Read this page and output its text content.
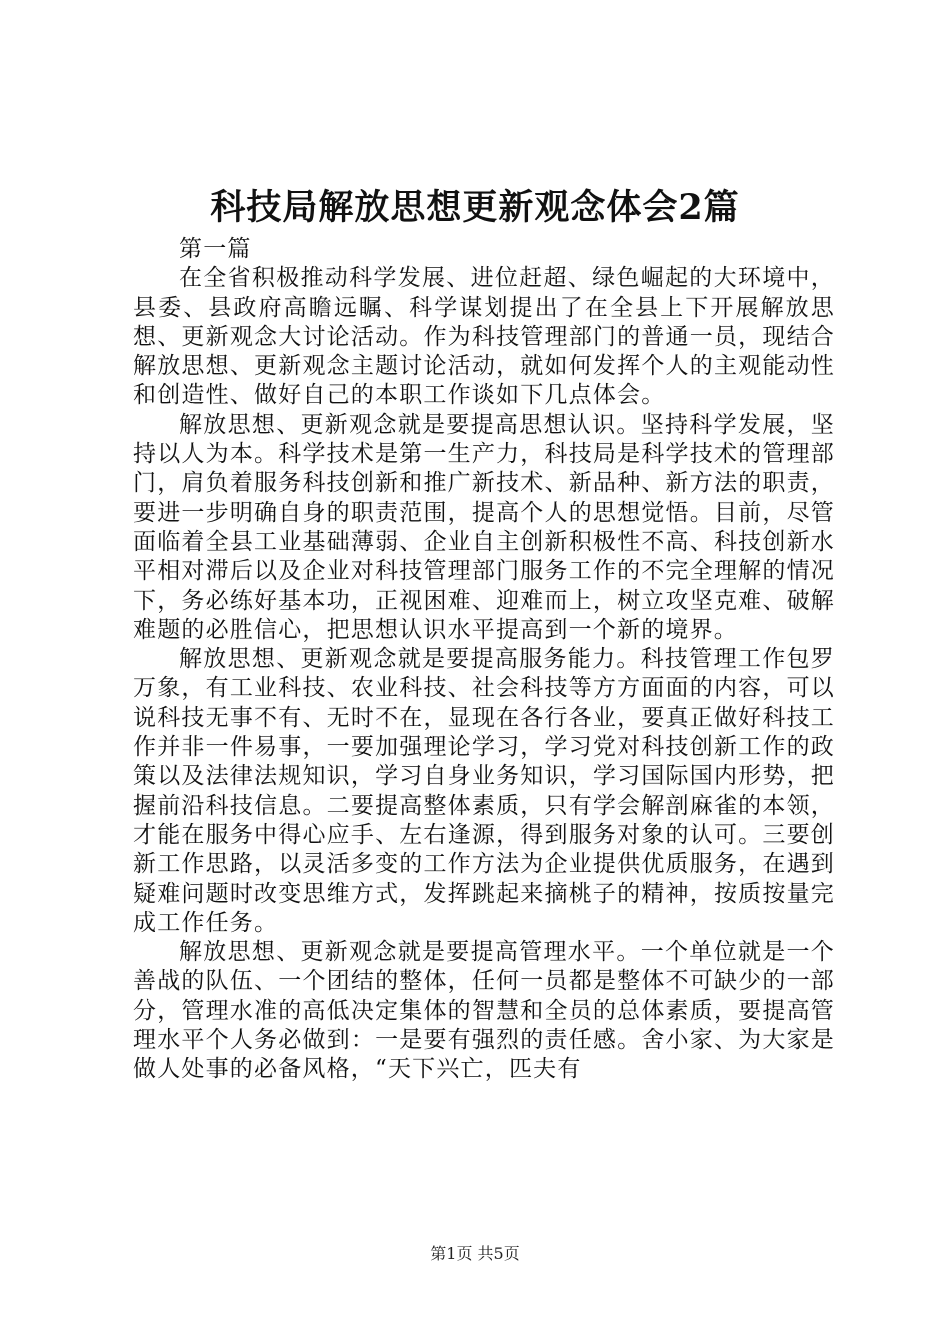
科技局解放思想更新观念体会2篇

第一篇

在全省积极推动科学发展、进位赶超、绿色崛起的大环境中，县委、县政府高瞻远瞩、科学谋划提出了在全县上下开展解放思想、更新观念大讨论活动。作为科技管理部门的普通一员，现结合解放思想、更新观念主题讨论活动，就如何发挥个人的主观能动性和创造性、做好自己的本职工作谈如下几点体会。

解放思想、更新观念就是要提高思想认识。坚持科学发展，坚持以人为本。科学技术是第一生产力，科技局是科学技术的管理部门，肩负着服务科技创新和推广新技术、新品种、新方法的职责，要进一步明确自身的职责范围，提高个人的思想觉悟。目前，尽管面临着全县工业基础薄弱、企业自主创新积极性不高、科技创新水平相对滞后以及企业对科技管理部门服务工作的不完全理解的情况下，务必练好基本功，正视困难、迎难而上，树立攻坚克难、破解难题的必胜信心，把思想认识水平提高到一个新的境界。

解放思想、更新观念就是要提高服务能力。科技管理工作包罗万象，有工业科技、农业科技、社会科技等方方面面的内容，可以说科技无事不有、无时不在，显现在各行各业，要真正做好科技工作并非一件易事，一要加强理论学习，学习党对科技创新工作的政策以及法律法规知识，学习自身业务知识，学习国际国内形势，把握前沿科技信息。二要提高整体素质，只有学会解剖麻雀的本领，才能在服务中得心应手、左右逢源，得到服务对象的认可。三要创新工作思路，以灵活多变的工作方法为企业提供优质服务，在遇到疑难问题时改变思维方式，发挥跳起来摘桃子的精神，按质按量完成工作任务。

解放思想、更新观念就是要提高管理水平。一个单位就是一个善战的队伍、一个团结的整体，任何一员都是整体不可缺少的一部分，管理水准的高低决定集体的智慧和全员的总体素质，要提高管理水平个人务必做到：一是要有强烈的责任感。舍小家、为大家是做人处事的必备风格，“天下兴亡，匹夫有

第1页 共5页
